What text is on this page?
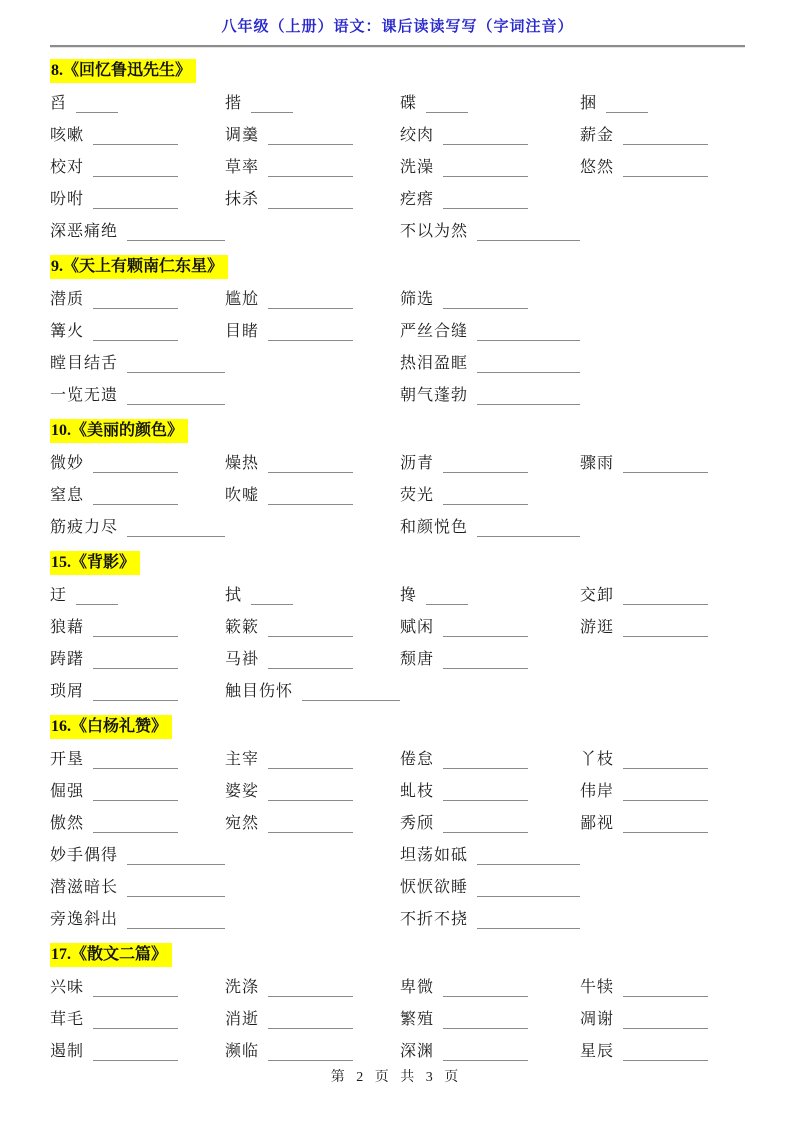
八年级（上册）语文：课后读读写写（字词注音）
8.《回忆鲁迅先生》
舀	揩	碟	捆
咳嗽	调羹	绞肉	薪金
校对	草率	洗澡	悠然
吩咐	抹杀	疙瘩
深恶痛绝	不以为然
9.《天上有颗南仁东星》
潜质	尴尬	筛选
篝火	目睹	严丝合缝
瞠目结舌	热泪盈眶
一览无遗	朝气蓬勃
10.《美丽的颜色》
微妙	燥热	沥青	骤雨
窒息	吹嘘	荧光
筋疲力尽	和颜悦色
15.《背影》
迂	拭	搀	交卸
狼藉	簌簌	赋闲	游逛
踌躇	马褂	颓唐
琐屑	触目伤怀
16.《白杨礼赞》
开垦	主宰	倦怠	丫枝
倔强	婆娑	虬枝	伟岸
傲然	宛然	秀颀	鄙视
妙手偶得	坦荡如砥
潜滋暗长	恹恹欲睡
旁逸斜出	不折不挠
17.《散文二篇》
兴味	洗涤	卑微	牛犊
茸毛	消逝	繁殖	凋谢
遏制	濒临	深渊	星辰
第 2 页 共 3 页
